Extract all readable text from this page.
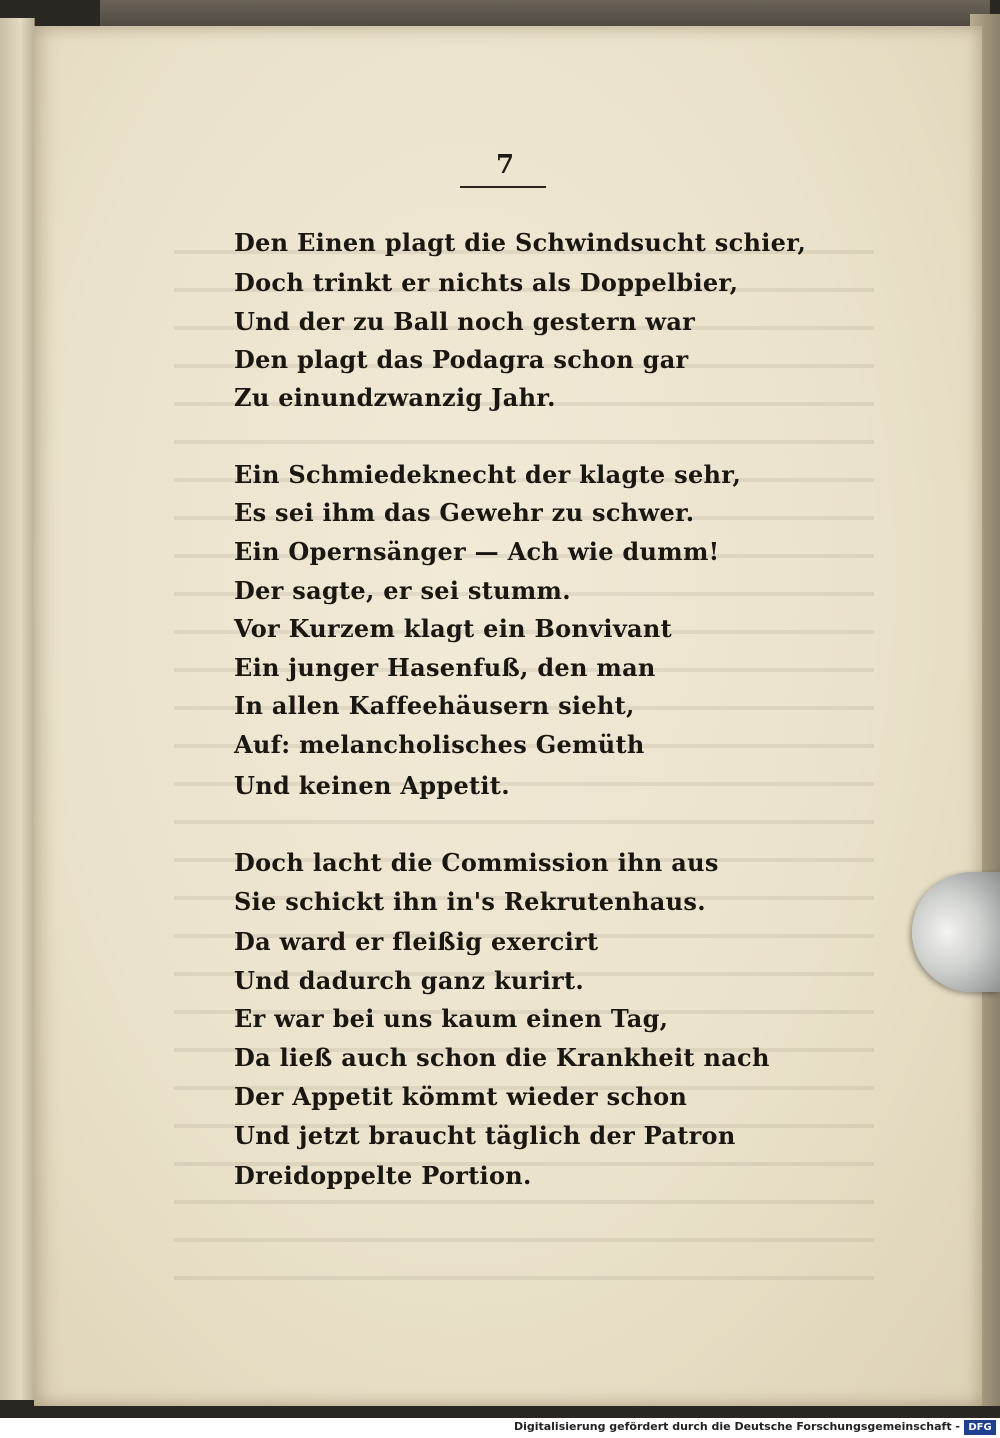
7
Den Einen plagt die Schwindsucht schier,
Doch trinkt er nichts als Doppelbier,
Und der zu Ball noch gestern war
Den plagt das Podagra schon gar
Zu einundzwanzig Jahr.
Ein Schmiedeknecht der klagte sehr,
Es sei ihm das Gewehr zu schwer.
Ein Opernsänger — Ach wie dumm!
Der sagte, er sei stumm.
Vor Kurzem klagt ein Bonvivant
Ein junger Hasenfuß, den man
In allen Kaffeehäusern sieht,
Auf: melancholisches Gemüth
Und keinen Appetit.
Doch lacht die Commission ihn aus
Sie schickt ihn in's Rekrutenhaus.
Da ward er fleißig exercirt
Und dadurch ganz kurirt.
Er war bei uns kaum einen Tag,
Da ließ auch schon die Krankheit nach
Der Appetit kömmt wieder schon
Und jetzt braucht täglich der Patron
Dreidoppelte Portion.
Digitalisierung gefördert durch die Deutsche Forschungsgemeinschaft - DFG
